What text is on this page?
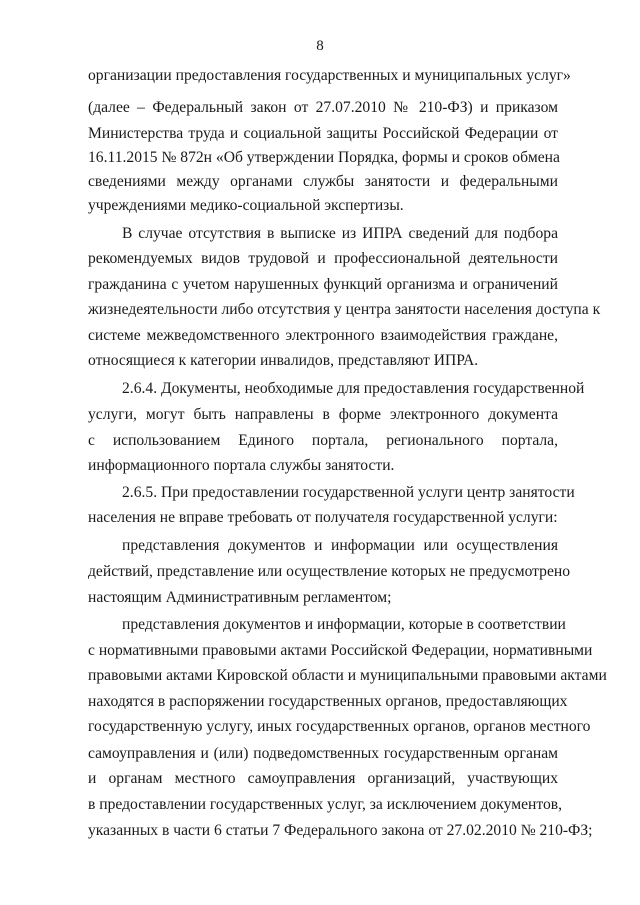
8
организации предоставления государственных и муниципальных услуг»
(далее – Федеральный закон от 27.07.2010 № 210-ФЗ) и приказом
Министерства труда и социальной защиты Российской Федерации от
16.11.2015 № 872н «Об утверждении Порядка, формы и сроков обмена
сведениями между органами службы занятости и федеральными
учреждениями медико-социальной экспертизы.
В случае отсутствия в выписке из ИПРА сведений для подбора
рекомендуемых видов трудовой и профессиональной деятельности
гражданина с учетом нарушенных функций организма и ограничений
жизнедеятельности либо отсутствия у центра занятости населения доступа к
системе межведомственного электронного взаимодействия граждане,
относящиеся к категории инвалидов, представляют ИПРА.
2.6.4. Документы, необходимые для предоставления государственной
услуги, могут быть направлены в форме электронного документа
с использованием Единого портала, регионального портала,
информационного портала службы занятости.
2.6.5. При предоставлении государственной услуги центр занятости
населения не вправе требовать от получателя государственной услуги:
представления документов и информации или осуществления
действий, представление или осуществление которых не предусмотрено
настоящим Административным регламентом;
представления документов и информации, которые в соответствии
с нормативными правовыми актами Российской Федерации, нормативными
правовыми актами Кировской области и муниципальными правовыми актами
находятся в распоряжении государственных органов, предоставляющих
государственную услугу, иных государственных органов, органов местного
самоуправления и (или) подведомственных государственным органам
и органам местного самоуправления организаций, участвующих
в предоставлении государственных услуг, за исключением документов,
указанных в части 6 статьи 7 Федерального закона от 27.02.2010 № 210-ФЗ;
